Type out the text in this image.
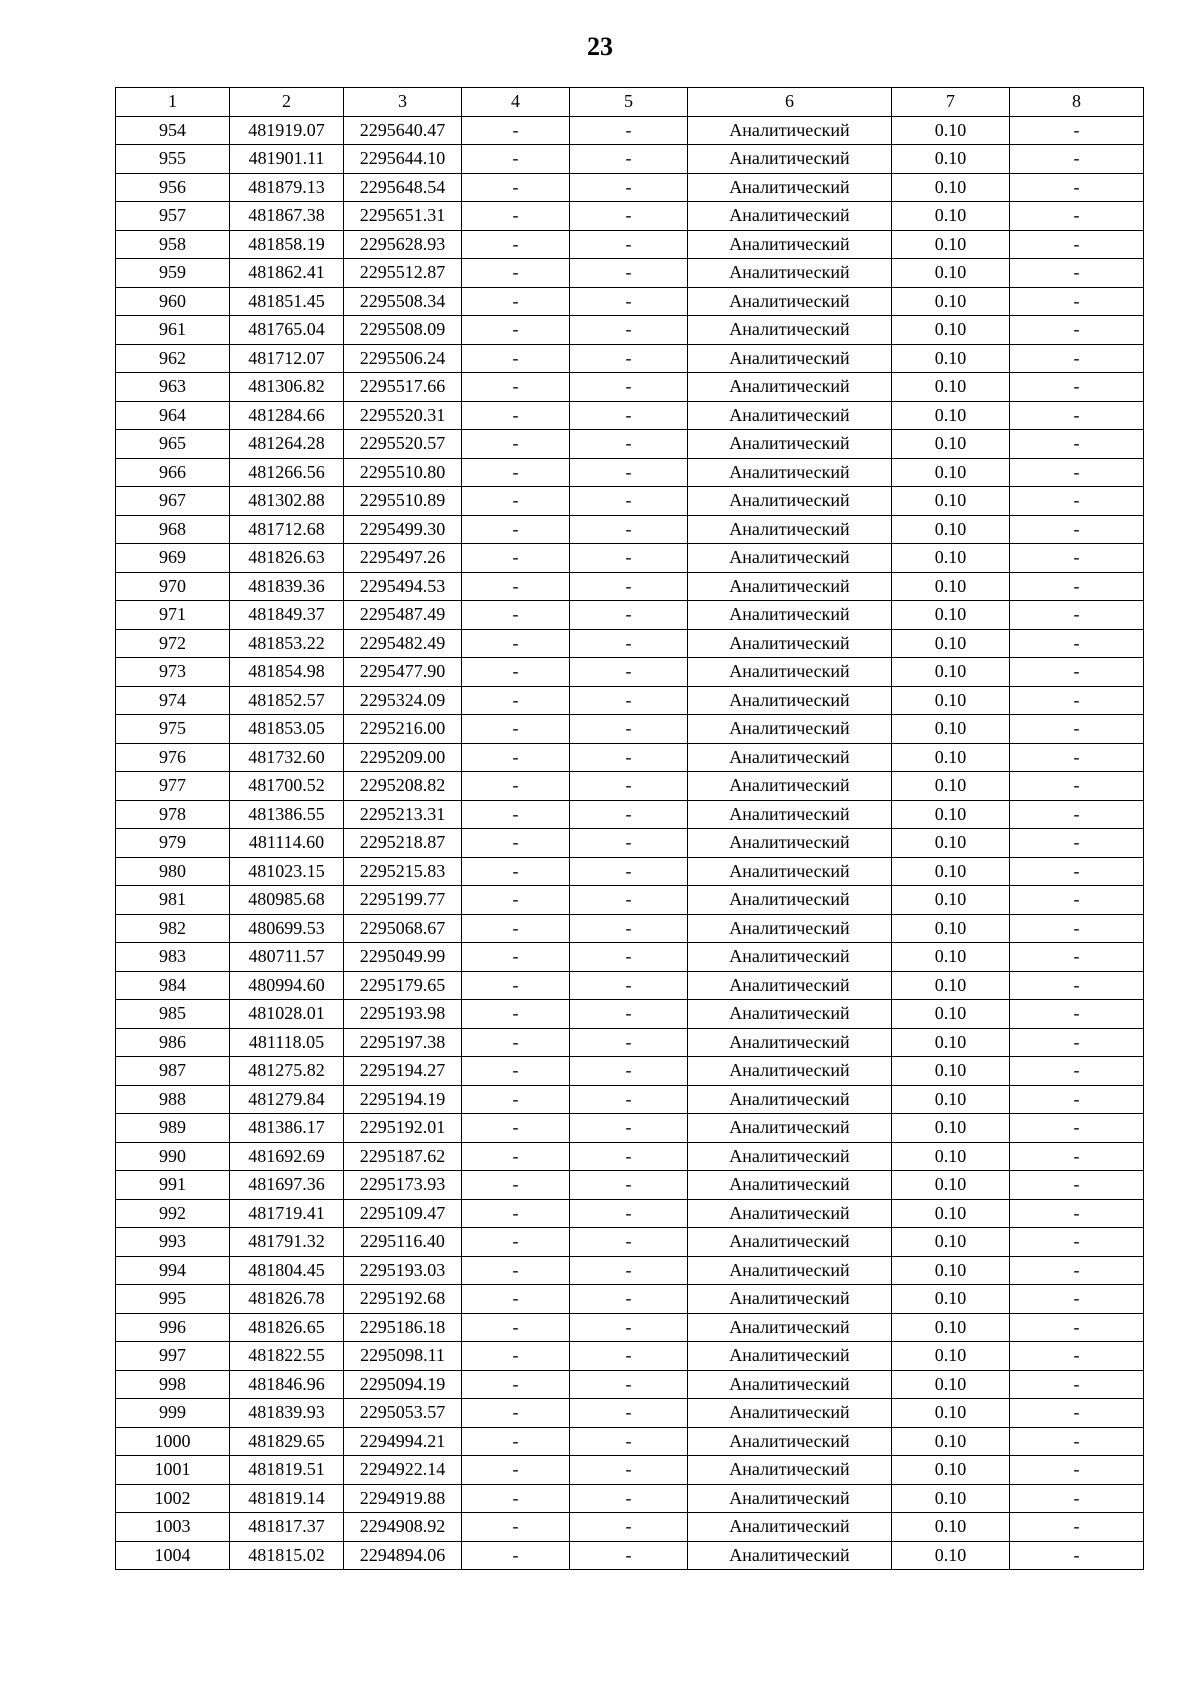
23
1	2	3	4	5	6	7	8
954	481919.07	2295640.47	-	-	Аналитический	0.10	-
955	481901.11	2295644.10	-	-	Аналитический	0.10	-
956	481879.13	2295648.54	-	-	Аналитический	0.10	-
957	481867.38	2295651.31	-	-	Аналитический	0.10	-
958	481858.19	2295628.93	-	-	Аналитический	0.10	-
959	481862.41	2295512.87	-	-	Аналитический	0.10	-
960	481851.45	2295508.34	-	-	Аналитический	0.10	-
961	481765.04	2295508.09	-	-	Аналитический	0.10	-
962	481712.07	2295506.24	-	-	Аналитический	0.10	-
963	481306.82	2295517.66	-	-	Аналитический	0.10	-
964	481284.66	2295520.31	-	-	Аналитический	0.10	-
965	481264.28	2295520.57	-	-	Аналитический	0.10	-
966	481266.56	2295510.80	-	-	Аналитический	0.10	-
967	481302.88	2295510.89	-	-	Аналитический	0.10	-
968	481712.68	2295499.30	-	-	Аналитический	0.10	-
969	481826.63	2295497.26	-	-	Аналитический	0.10	-
970	481839.36	2295494.53	-	-	Аналитический	0.10	-
971	481849.37	2295487.49	-	-	Аналитический	0.10	-
972	481853.22	2295482.49	-	-	Аналитический	0.10	-
973	481854.98	2295477.90	-	-	Аналитический	0.10	-
974	481852.57	2295324.09	-	-	Аналитический	0.10	-
975	481853.05	2295216.00	-	-	Аналитический	0.10	-
976	481732.60	2295209.00	-	-	Аналитический	0.10	-
977	481700.52	2295208.82	-	-	Аналитический	0.10	-
978	481386.55	2295213.31	-	-	Аналитический	0.10	-
979	481114.60	2295218.87	-	-	Аналитический	0.10	-
980	481023.15	2295215.83	-	-	Аналитический	0.10	-
981	480985.68	2295199.77	-	-	Аналитический	0.10	-
982	480699.53	2295068.67	-	-	Аналитический	0.10	-
983	480711.57	2295049.99	-	-	Аналитический	0.10	-
984	480994.60	2295179.65	-	-	Аналитический	0.10	-
985	481028.01	2295193.98	-	-	Аналитический	0.10	-
986	481118.05	2295197.38	-	-	Аналитический	0.10	-
987	481275.82	2295194.27	-	-	Аналитический	0.10	-
988	481279.84	2295194.19	-	-	Аналитический	0.10	-
989	481386.17	2295192.01	-	-	Аналитический	0.10	-
990	481692.69	2295187.62	-	-	Аналитический	0.10	-
991	481697.36	2295173.93	-	-	Аналитический	0.10	-
992	481719.41	2295109.47	-	-	Аналитический	0.10	-
993	481791.32	2295116.40	-	-	Аналитический	0.10	-
994	481804.45	2295193.03	-	-	Аналитический	0.10	-
995	481826.78	2295192.68	-	-	Аналитический	0.10	-
996	481826.65	2295186.18	-	-	Аналитический	0.10	-
997	481822.55	2295098.11	-	-	Аналитический	0.10	-
998	481846.96	2295094.19	-	-	Аналитический	0.10	-
999	481839.93	2295053.57	-	-	Аналитический	0.10	-
1000	481829.65	2294994.21	-	-	Аналитический	0.10	-
1001	481819.51	2294922.14	-	-	Аналитический	0.10	-
1002	481819.14	2294919.88	-	-	Аналитический	0.10	-
1003	481817.37	2294908.92	-	-	Аналитический	0.10	-
1004	481815.02	2294894.06	-	-	Аналитический	0.10	-
